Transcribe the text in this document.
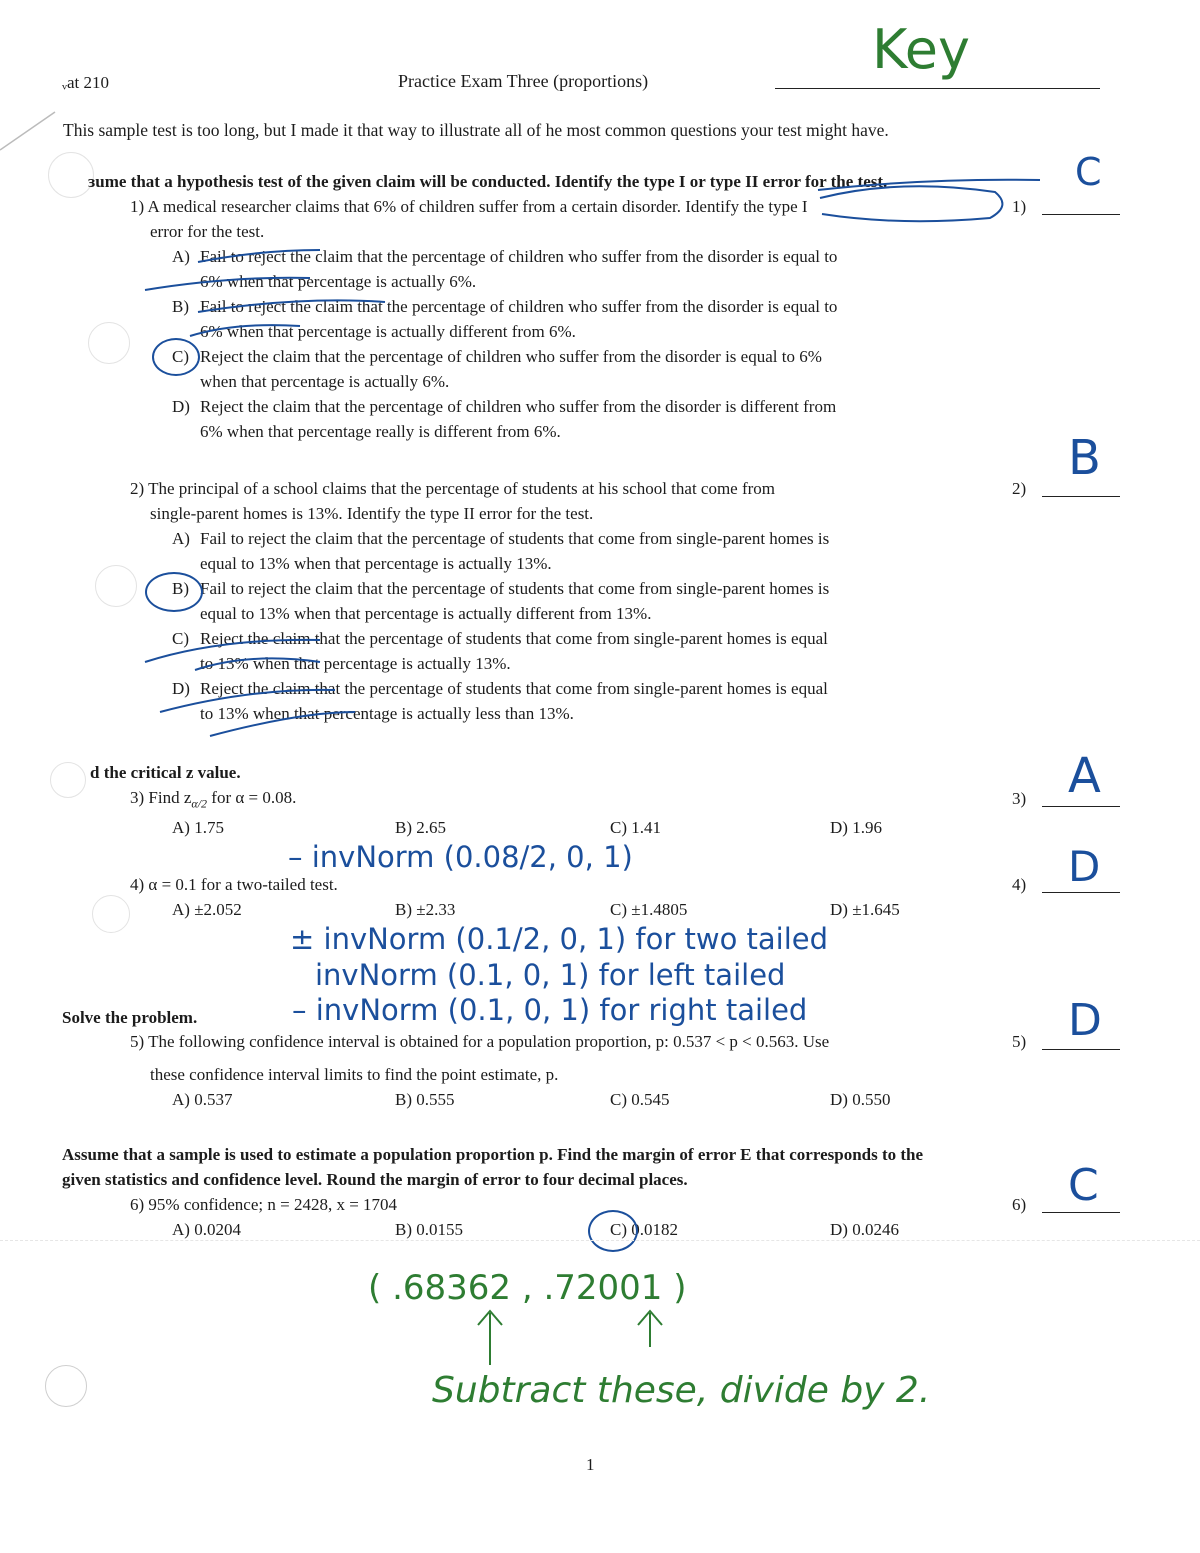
ᵥat 210	Practice Exam Three (proportions)	Key
This sample test is too long, but I made it that way to illustrate all of he most common questions your test might have.
ɜume that a hypothesis test of the given claim will be conducted. Identify the type I or type II error for the test.	C
1)
1) A medical researcher claims that 6% of children suffer from a certain disorder. Identify the type I
error for the test.
A) Fail to reject the claim that the percentage of children who suffer from the disorder is equal to
6% when that percentage is actually 6%.
B) Fail to reject the claim that the percentage of children who suffer from the disorder is equal to
6% when that percentage is actually different from 6%.
C) Reject the claim that the percentage of children who suffer from the disorder is equal to 6%
when that percentage is actually 6%.
D) Reject the claim that the percentage of children who suffer from the disorder is different from
6% when that percentage really is different from 6%.	B
2)
2) The principal of a school claims that the percentage of students at his school that come from
single-parent homes is 13%. Identify the type II error for the test.
A) Fail to reject the claim that the percentage of students that come from single-parent homes is
equal to 13% when that percentage is actually 13%.
B) Fail to reject the claim that the percentage of students that come from single-parent homes is
equal to 13% when that percentage is actually different from 13%.
C) Reject the claim that the percentage of students that come from single-parent homes is equal
to 13% when that percentage is actually 13%.
D) Reject the claim that the percentage of students that come from single-parent homes is equal
to 13% when that percentage is actually less than 13%.
d the critical z value.
3) Find $z_{\alpha/2}$ for α = 0.08.	A
3)
A) 1.75	B) 2.65	C) 1.41	D) 1.96
– invNorm (0.08/2, 0, 1)
4) α = 0.1 for a two-tailed test.	D
4)
A) ±2.052	B) ±2.33	C) ±1.4805	D) ±1.645
± invNorm (0.1/2, 0, 1) for two tailed
invNorm (0.1, 0, 1) for left tailed
– invNorm (0.1, 0, 1) for right tailed
Solve the problem.
5) The following confidence interval is obtained for a population proportion, p: 0.537 < p < 0.563. Use
these confidence interval limits to find the point estimate, p.
D
5)
A) 0.537	B) 0.555	C) 0.545	D) 0.550
Assume that a sample is used to estimate a population proportion p. Find the margin of error E that corresponds to the
given statistics and confidence level. Round the margin of error to four decimal places.
6) 95% confidence; n = 2428, x = 1704	C
6)
A) 0.0204	B) 0.0155	C) 0.0182	D) 0.0246
( .68362 , .72001 )
Subtract these, divide by 2.
1
